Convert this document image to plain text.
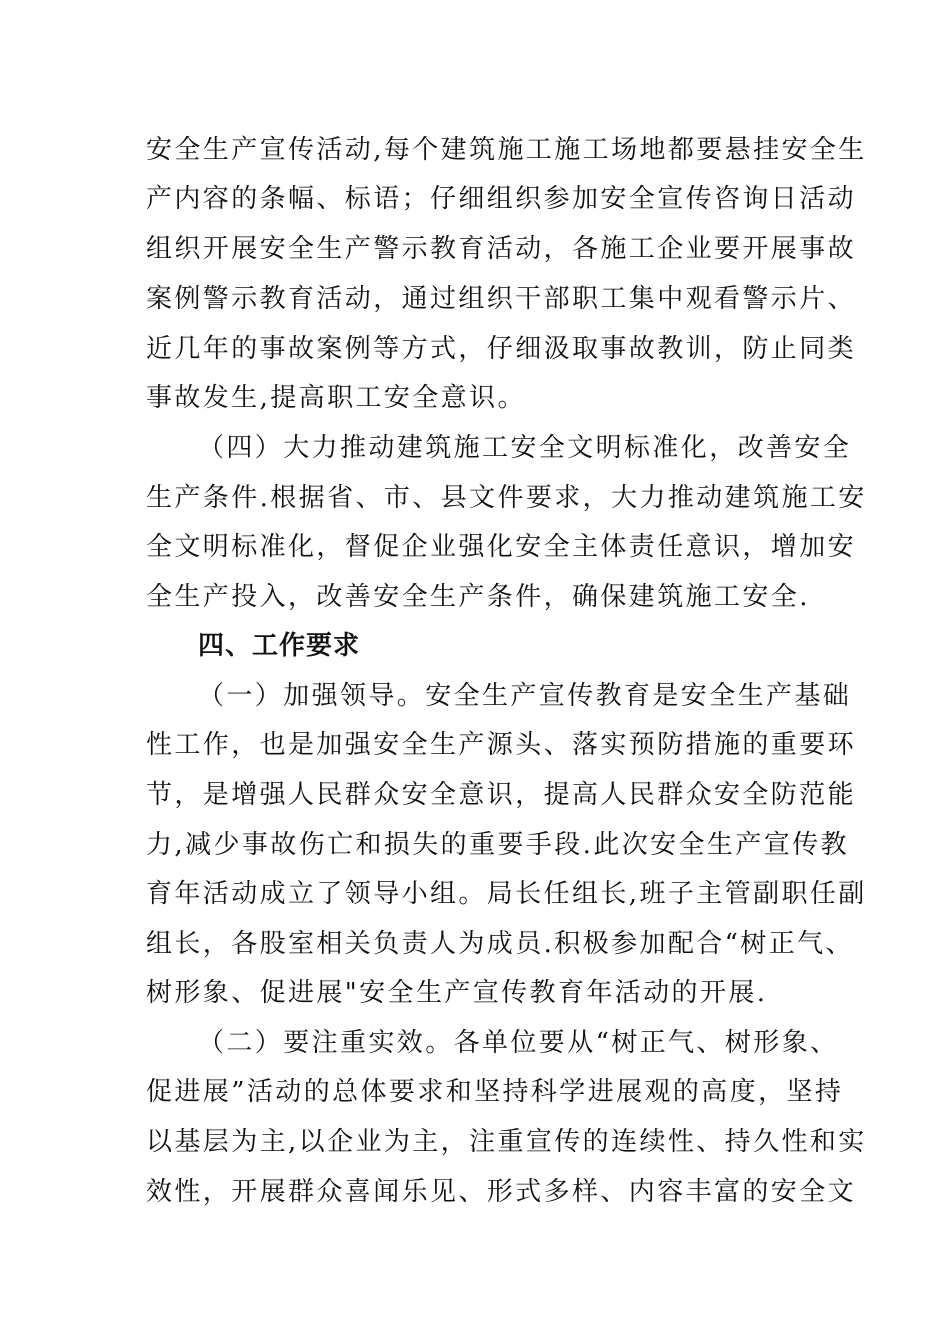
安全生产宣传活动,每个建筑施工施工场地都要悬挂安全生
产内容的条幅、标语；仔细组织参加安全宣传咨询日活动
组织开展安全生产警示教育活动，各施工企业要开展事故
案例警示教育活动，通过组织干部职工集中观看警示片、
近几年的事故案例等方式，仔细汲取事故教训，防止同类
事故发生,提高职工安全意识。
（四）大力推动建筑施工安全文明标准化，改善安全
生产条件.根据省、市、县文件要求，大力推动建筑施工安
全文明标准化，督促企业强化安全主体责任意识，增加安
全生产投入，改善安全生产条件，确保建筑施工安全.
四、工作要求
（一）加强领导。安全生产宣传教育是安全生产基础
性工作，也是加强安全生产源头、落实预防措施的重要环
节，是增强人民群众安全意识，提高人民群众安全防范能
力,减少事故伤亡和损失的重要手段.此次安全生产宣传教
育年活动成立了领导小组。局长任组长,班子主管副职任副
组长，各股室相关负责人为成员.积极参加配合“树正气、
树形象、促进展"安全生产宣传教育年活动的开展.
（二）要注重实效。各单位要从“树正气、树形象、
促进展”活动的总体要求和坚持科学进展观的高度，坚持
以基层为主,以企业为主，注重宣传的连续性、持久性和实
效性，开展群众喜闻乐见、形式多样、内容丰富的安全文
